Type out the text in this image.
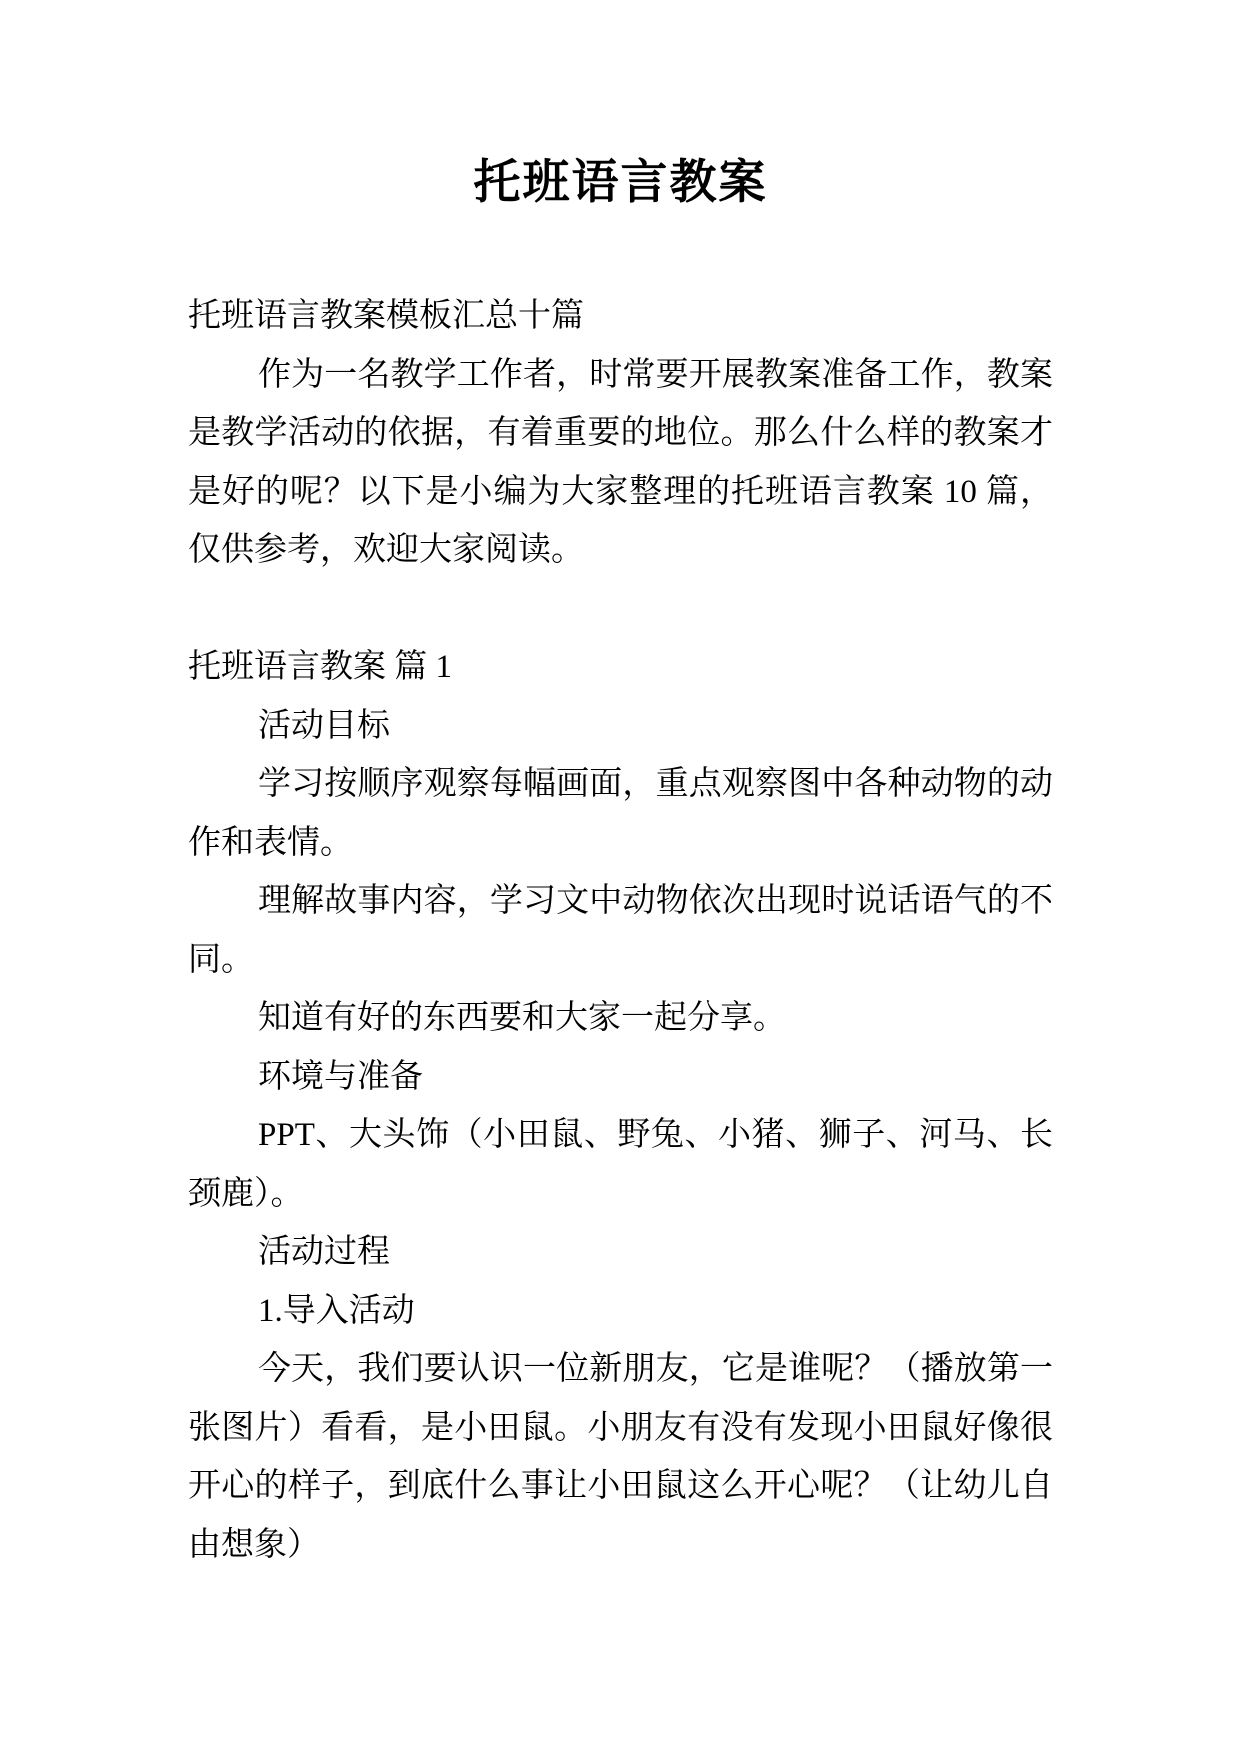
托班语言教案

托班语言教案模板汇总十篇

作为一名教学工作者，时常要开展教案准备工作，教案是教学活动的依据，有着重要的地位。那么什么样的教案才是好的呢？以下是小编为大家整理的托班语言教案 10 篇，仅供参考，欢迎大家阅读。

托班语言教案 篇 1

活动目标

学习按顺序观察每幅画面，重点观察图中各种动物的动作和表情。

理解故事内容，学习文中动物依次出现时说话语气的不同。

知道有好的东西要和大家一起分享。

环境与准备

PPT、大头饰（小田鼠、野兔、小猪、狮子、河马、长颈鹿）。

活动过程

1.导入活动

今天，我们要认识一位新朋友，它是谁呢？（播放第一张图片）看看，是小田鼠。小朋友有没有发现小田鼠好像很开心的样子，到底什么事让小田鼠这么开心呢？（让幼儿自由想象）
